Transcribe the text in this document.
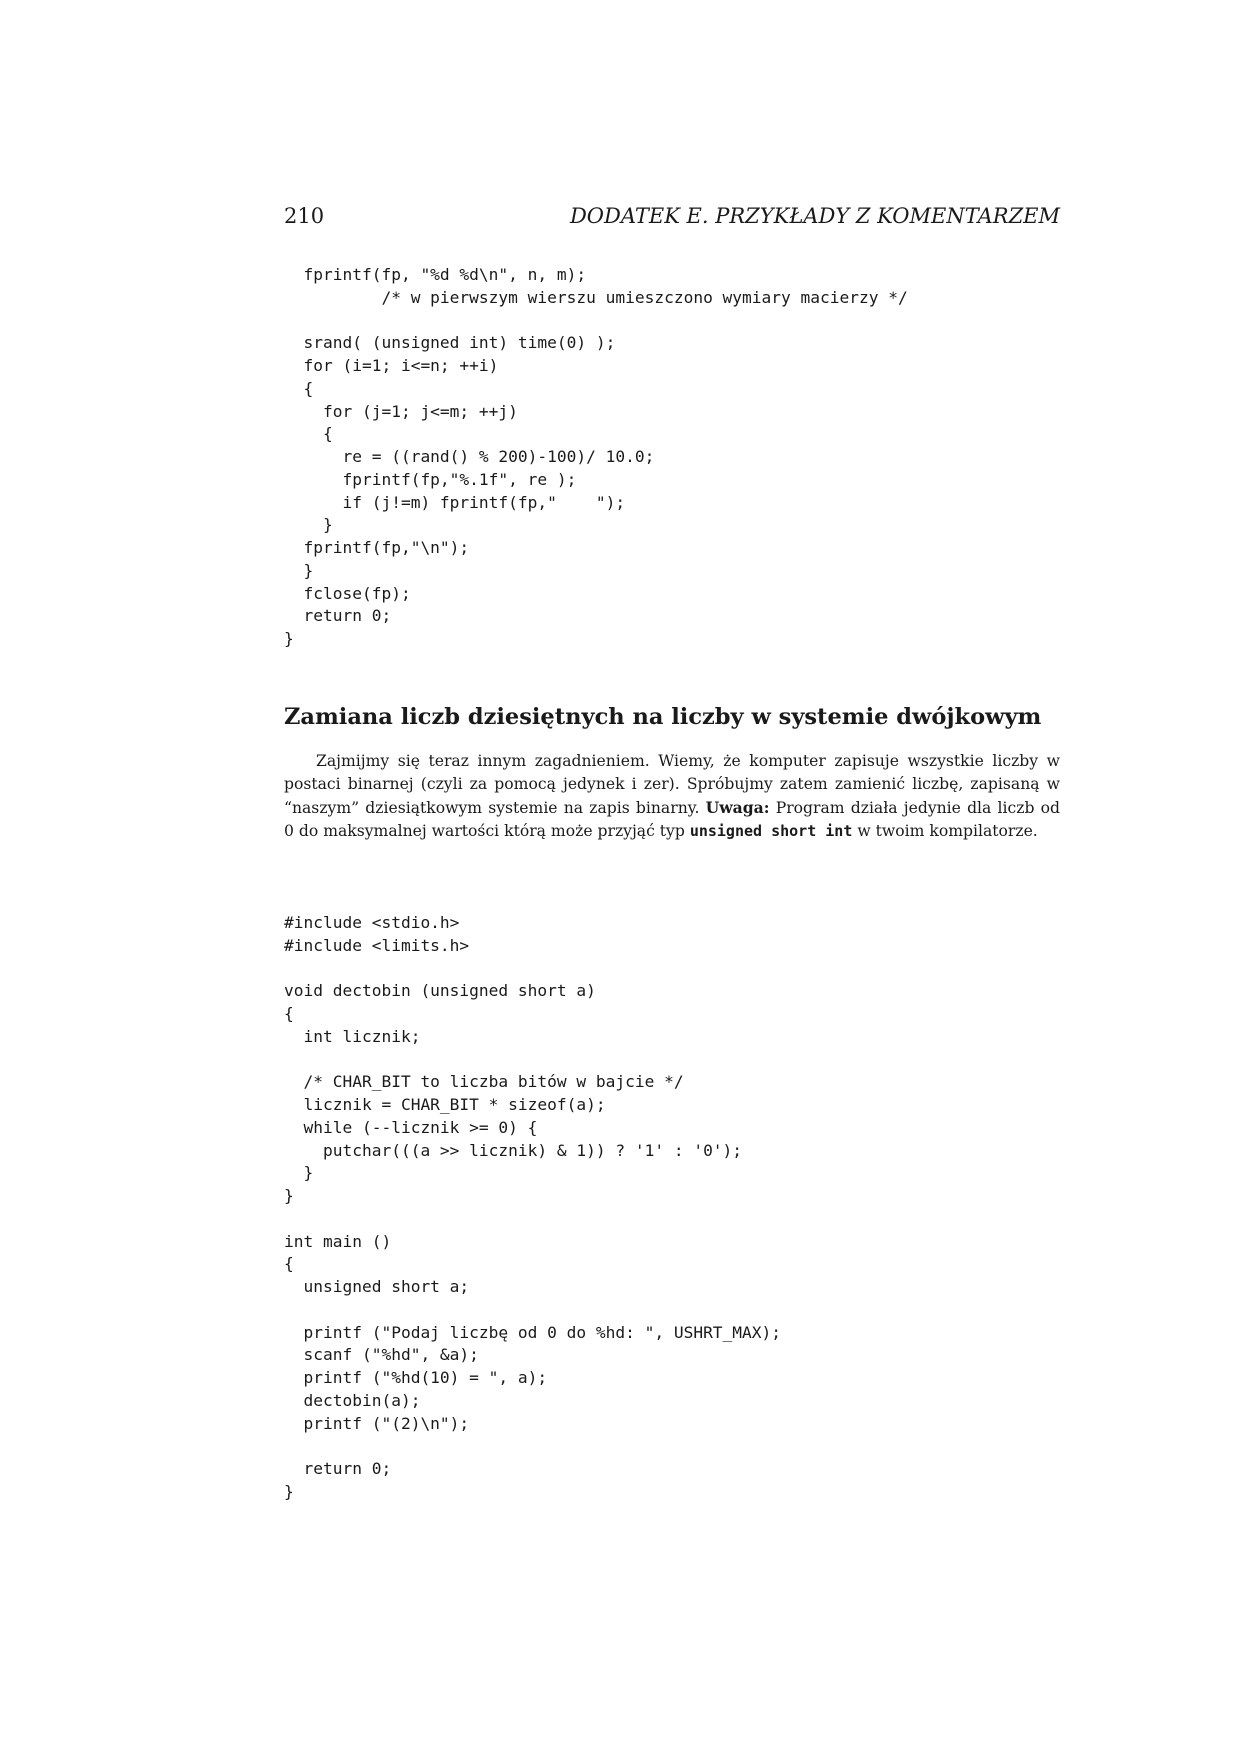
210	DODATEK E. PRZYKŁADY Z KOMENTARZEM
fprintf(fp, "%d %d\n", n, m);
/* w pierwszym wierszu umieszczono wymiary macierzy */

srand( (unsigned int) time(0) );
for (i=1; i<=n; ++i)
{
for (j=1; j<=m; ++j)
{
re = ((rand() % 200)-100)/ 10.0;
fprintf(fp,"%.1f", re );
if (j!=m) fprintf(fp,"    ");
}
fprintf(fp,"\n");
}
fclose(fp);
return 0;
}
Zamiana liczb dziesiętnych na liczby w systemie dwójkowym

Zajmijmy się teraz innym zagadnieniem. Wiemy, że komputer zapisuje wszystkie liczby w postaci binarnej (czyli za pomocą jedynek i zer). Spróbujmy zatem zamienić liczbę, zapisaną w “naszym” dziesiątkowym systemie na zapis binarny. Uwaga: Program działa jedynie dla liczb od 0 do maksymalnej wartości którą może przyjąć typ unsigned short int w twoim kompilatorze.

#include <stdio.h>
#include <limits.h>

void dectobin (unsigned short a)
{
int licznik;

/* CHAR_BIT to liczba bitów w bajcie */
licznik = CHAR_BIT * sizeof(a);
while (--licznik >= 0) {
putchar(((a >> licznik) & 1)) ? '1' : '0');
}
}

int main ()
{
unsigned short a;

printf ("Podaj liczbę od 0 do %hd: ", USHRT_MAX);
scanf ("%hd", &a);
printf ("%hd(10) = ", a);
dectobin(a);
printf ("(2)\n");

return 0;
}
